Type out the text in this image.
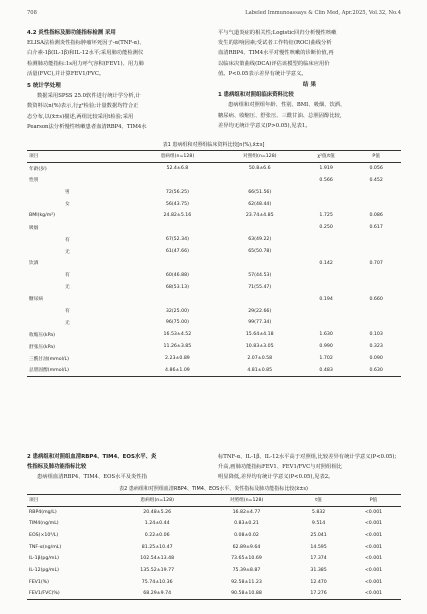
708	Labeled Immunoassays & Clin Med, Apr.2025, Vol.32, No.4
4.2 炎性指标及肺功能指标检测 采用
ELISA法检测炎性指标肿瘤坏死因子-α(TNF-α)、
白介素-1β(IL-1β)和IL-12水平;采用肺功能检测仪
检测肺功能指标:1s用力呼气容积(FEV1)、用力肺
活量(FVC),并计算FEV1/FVC。
5 统计学处理

数据采用SPSS 25.0软件进行统计学分析,计

数资料以n(%)表示,行χ²检验;计量数据均符合正
态分布,以(x̄±s)描述,两组比较采用t检验;采用
Pearson法分析慢性咳嗽患者血清RBP4、TIM4水
平与气道炎症的相关性;Logistic回归分析慢性咳嗽
发生的影响因素;受试者工作特征(ROC)曲线分析
血清RBP4、TIM4水平对慢性咳嗽的诊断价值,再
以临床决策曲线(DCA)评估该模型的临床应用价
值。P<0.05表示差异有统计学意义。
结 果
1 患病组和对照组临床资料比较

患病组和对照组年龄、性别、BMI、吸烟、饮酒、

糖尿病、收缩压、舒张压、三酰甘油、总胆固醇比较,
差异均无统计学意义(P>0.05),见表1。
表1 患病组和对照组临床资料比较[n(%),x̄±s]
项目	患病组(n=128)	对照组(n=128)	χ²值/t值	P值
年龄(岁)	52.4±6.8	50.8±6.6	1.919	0.056
性别			0.566	0.452
男	72(56.25)	66(51.56)		
女	56(43.75)	62(48.44)		
BMI(kg/m²)	24.82±5.16	23.74±4.85	1.725	0.086
吸烟			0.250	0.617
有	67(52.34)	63(49.22)		
无	61(47.66)	65(50.78)		
饮酒			0.142	0.707
有	60(46.88)	57(44.53)		
无	68(53.13)	71(55.47)		
糖尿病			0.194	0.660
有	32(25.00)	29(22.66)		
无	96(75.00)	99(77.34)		
收缩压(kPa)	16.53±4.52	15.64±4.18	1.630	0.103
舒张压(kPa)	11.26±3.85	10.83±3.05	0.990	0.323
三酰甘油(mmol/L)	2.23±0.89	2.07±0.58	1.702	0.090
总胆固醇(mmol/L)	4.86±1.09	4.81±0.85	0.483	0.630
2 患病组和对照组血清RBP4、TIM4、EOS水平、炎
性指标及肺功能指标比较

患病组血清RBP4、TIM4、EOS水平及炎性指

标TNF-α、IL-1β、IL-12水平高于对照组,比较差异有统计学意义(P<0.05);
升高,画肺功能指标FEV1、FEV1/FVC与对照组相比
明显降低,差异均有统计学意义(P<0.05),见表2。
表2 患病组和对照组血清RBP4、TIM4、EOS水平、炎性指标及肺功能指标比较(x̄±s)
项目	患病组(n=128)	对照组(n=128)	t值	P值
RBP4(mg/L)	20.48±5.26	16.82±4.77	5.832	<0.001
TIM4(ng/mL)	1.24±0.44	0.83±0.21	9.514	<0.001
EOS(×10⁹/L)	0.22±0.06	0.08±0.02	25.041	<0.001
TNF-α(ng/mL)	81.25±10.47	62.89±9.64	14.595	<0.001
IL-1β(pg/mL)	102.54±13.48	73.65±10.69	17.374	<0.001
IL-12(pg/mL)	135.52±19.77	75.39±8.87	31.385	<0.001
FEV1(%)	75.74±10.36	92.58±11.23	12.470	<0.001
FEV1/FVC(%)	68.29±9.74	90.58±10.88	17.276	<0.001
